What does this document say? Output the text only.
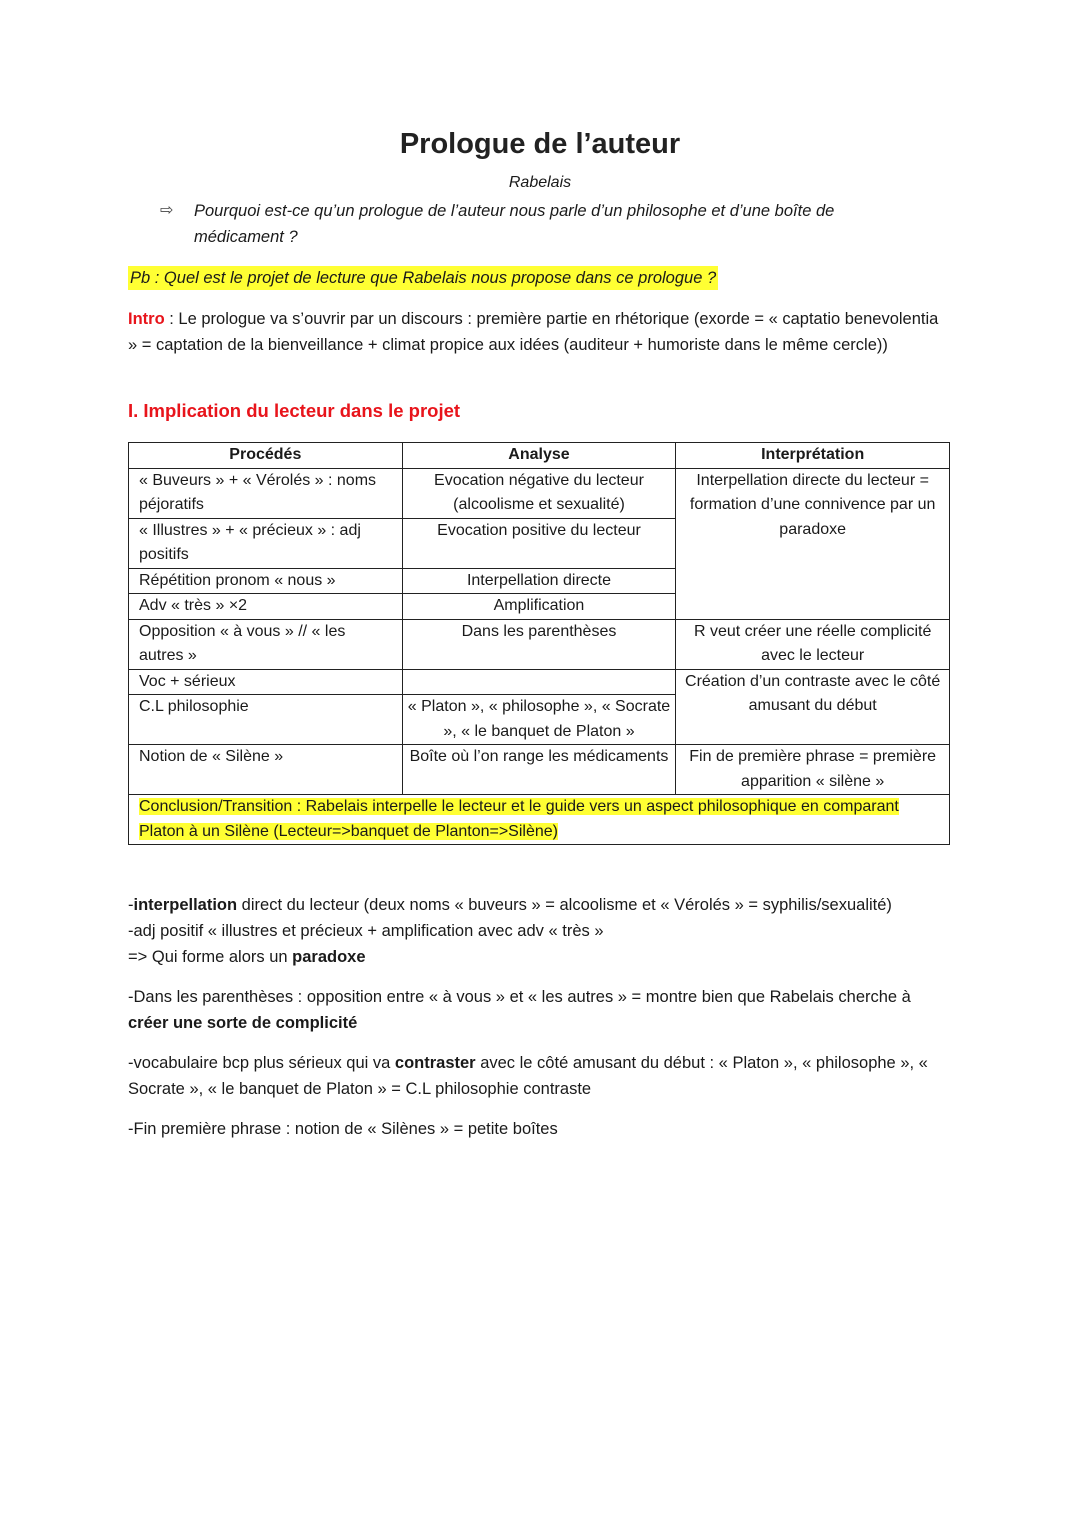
Prologue de l’auteur
Rabelais
⇨	Pourquoi est-ce qu’un prologue de l’auteur nous parle d’un philosophe et d’une boîte de
médicament ?
Pb : Quel est le projet de lecture que Rabelais nous propose dans ce prologue ?
Intro : Le prologue va s’ouvrir par un discours : première partie en rhétorique (exorde = « captatio benevolentia » = captation de la bienveillance + climat propice aux idées (auditeur + humoriste dans le même cercle))
I. Implication du lecteur dans le projet
Procédés	Analyse	Interprétation
« Buveurs » + « Vérolés » : noms péjoratifs	Evocation négative du lecteur (alcoolisme et sexualité)	Interpellation directe du lecteur = formation d’une connivence par un paradoxe
« Illustres » + « précieux » : adj positifs	Evocation positive du lecteur	
Répétition pronom « nous »	Interpellation directe	
Adv « très » ×2	Amplification	
Opposition « à vous » // « les autres »	Dans les parenthèses	R veut créer une réelle complicité avec le lecteur
Voc + sérieux		Création d’un contraste avec le côté amusant du début
C.L philosophie	« Platon », « philosophe », « Socrate », « le banquet de Platon »	
Notion de « Silène »	Boîte où l’on range les médicaments	Fin de première phrase = première apparition « silène »
Conclusion/Transition : Rabelais interpelle le lecteur et le guide vers un aspect philosophique en comparant Platon à un Silène (Lecteur=>banquet de Planton=>Silène)		

-interpellation direct du lecteur (deux noms « buveurs » = alcoolisme et « Vérolés » = syphilis/sexualité)
-adj positif « illustres et précieux + amplification avec adv « très »
=> Qui forme alors un paradoxe

-Dans les parenthèses : opposition entre « à vous » et « les autres » = montre bien que Rabelais cherche à créer une sorte de complicité

-vocabulaire bcp plus sérieux qui va contraster avec le côté amusant du début : « Platon », « philosophe », « Socrate », « le banquet de Platon » = C.L philosophie contraste

-Fin première phrase : notion de « Silènes » = petite boîtes
